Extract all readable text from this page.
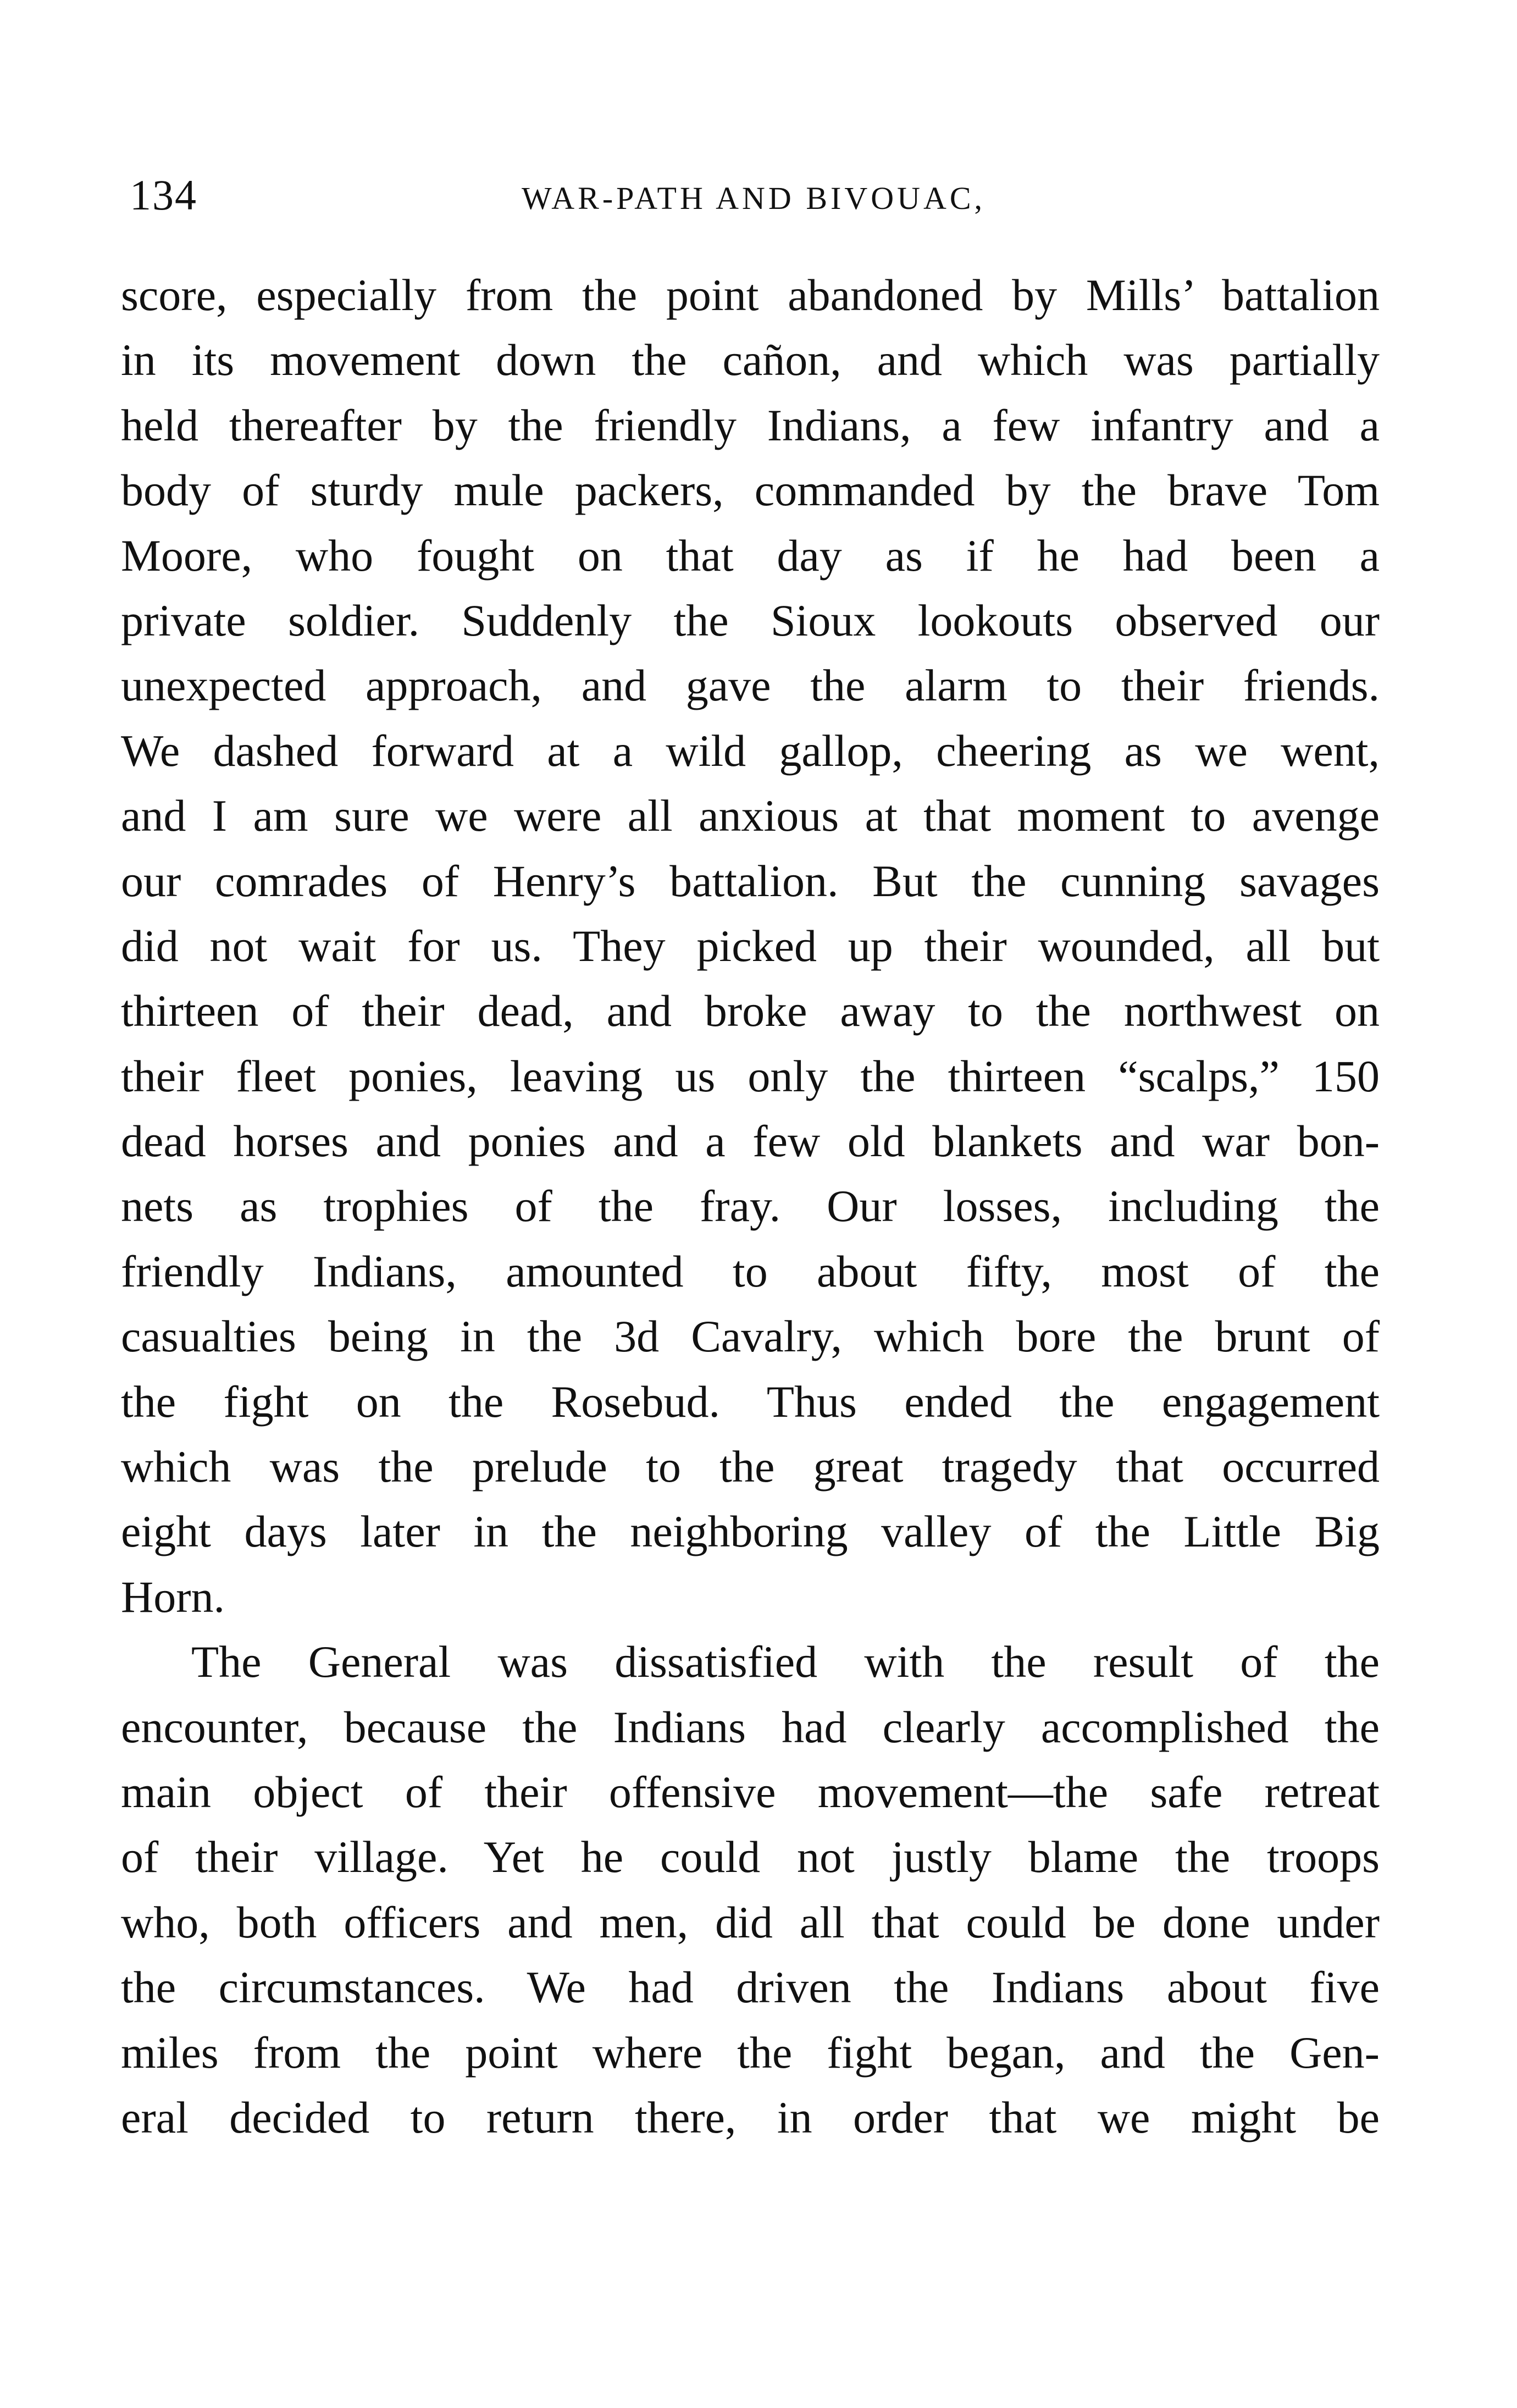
134	WAR-PATH AND BIVOUAC,
score, especially from the point abandoned by Mills’ battalion
in its movement down the cañon, and which was partially
held thereafter by the friendly Indians, a few infantry and a
body of sturdy mule packers, commanded by the brave Tom
Moore, who fought on that day as if he had been a
private soldier. Suddenly the Sioux lookouts observed our
unexpected approach, and gave the alarm to their friends.
We dashed forward at a wild gallop, cheering as we went,
and I am sure we were all anxious at that moment to avenge
our comrades of Henry’s battalion. But the cunning savages
did not wait for us. They picked up their wounded, all but
thirteen of their dead, and broke away to the northwest on
their fleet ponies, leaving us only the thirteen “scalps,” 150
dead horses and ponies and a few old blankets and war bon-
nets as trophies of the fray. Our losses, including the
friendly Indians, amounted to about fifty, most of the
casualties being in the 3d Cavalry, which bore the brunt of
the fight on the Rosebud. Thus ended the engagement
which was the prelude to the great tragedy that occurred
eight days later in the neighboring valley of the Little Big
Horn.
The General was dissatisfied with the result of the
encounter, because the Indians had clearly accomplished the
main object of their offensive movement—the safe retreat
of their village. Yet he could not justly blame the troops
who, both officers and men, did all that could be done under
the circumstances. We had driven the Indians about five
miles from the point where the fight began, and the Gen-
eral decided to return there, in order that we might be
